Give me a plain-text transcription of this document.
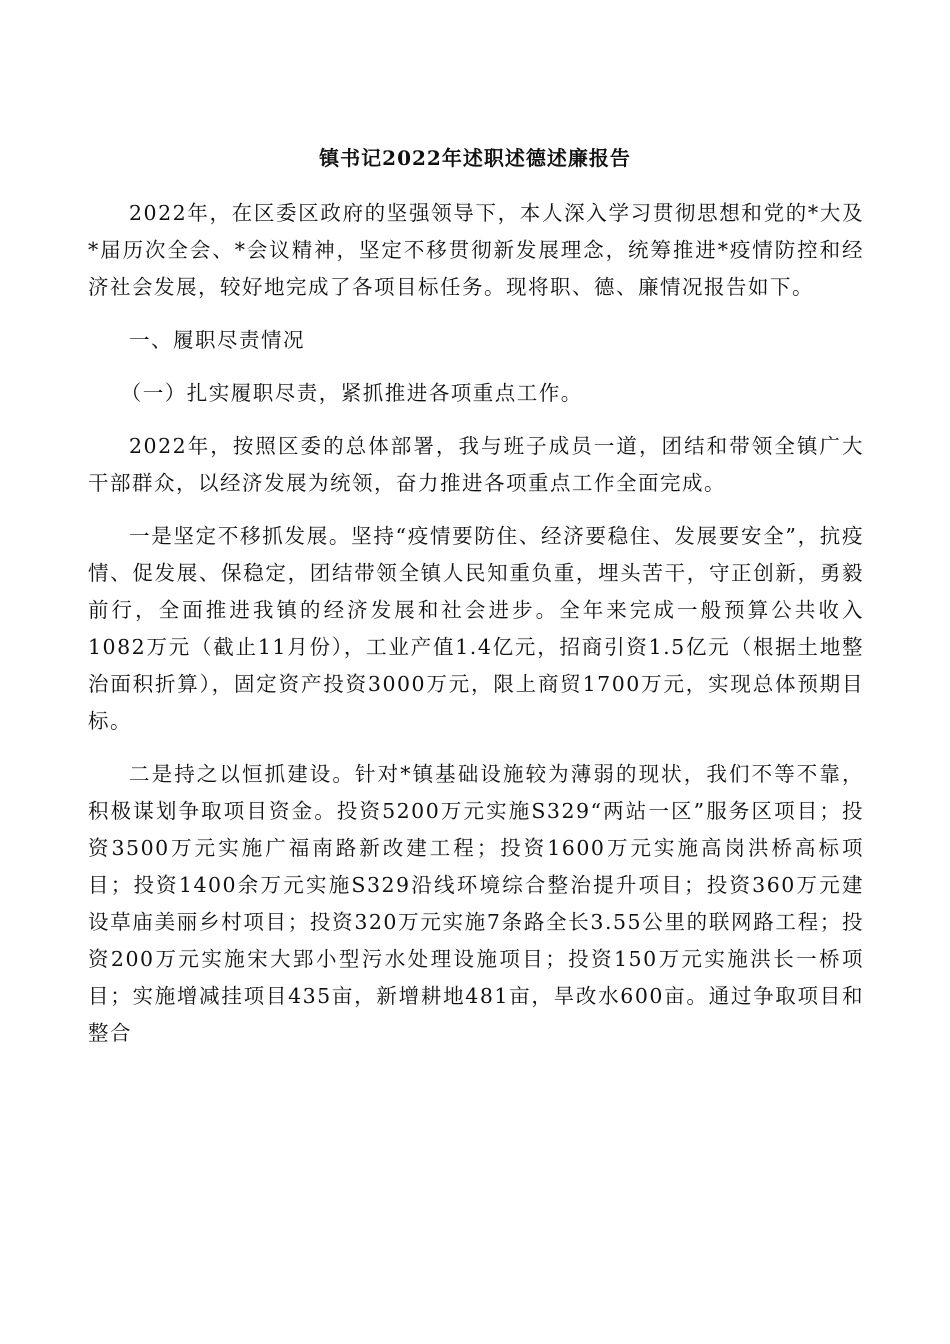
镇书记2022年述职述德述廉报告

2022年，在区委区政府的坚强领导下，本人深入学习贯彻思想和党的*大及*届历次全会、*会议精神，坚定不移贯彻新发展理念，统筹推进*疫情防控和经济社会发展，较好地完成了各项目标任务。现将职、德、廉情况报告如下。

一、履职尽责情况

（一）扎实履职尽责，紧抓推进各项重点工作。

2022年，按照区委的总体部署，我与班子成员一道，团结和带领全镇广大干部群众，以经济发展为统领，奋力推进各项重点工作全面完成。

一是坚定不移抓发展。坚持“疫情要防住、经济要稳住、发展要安全”，抗疫情、促发展、保稳定，团结带领全镇人民知重负重，埋头苦干，守正创新，勇毅前行，全面推进我镇的经济发展和社会进步。全年来完成一般预算公共收入1082万元（截止11月份），工业产值1.4亿元，招商引资1.5亿元（根据土地整治面积折算），固定资产投资3000万元，限上商贸1700万元，实现总体预期目标。

二是持之以恒抓建设。针对*镇基础设施较为薄弱的现状，我们不等不靠，积极谋划争取项目资金。投资5200万元实施S329“两站一区”服务区项目；投资3500万元实施广福南路新改建工程；投资1600万元实施高岗洪桥高标项目；投资1400余万元实施S329沿线环境综合整治提升项目；投资360万元建设草庙美丽乡村项目；投资320万元实施7条路全长3.55公里的联网路工程；投资200万元实施宋大郢小型污水处理设施项目；投资150万元实施洪长一桥项目；实施增减挂项目435亩，新增耕地481亩，旱改水600亩。通过争取项目和整合
